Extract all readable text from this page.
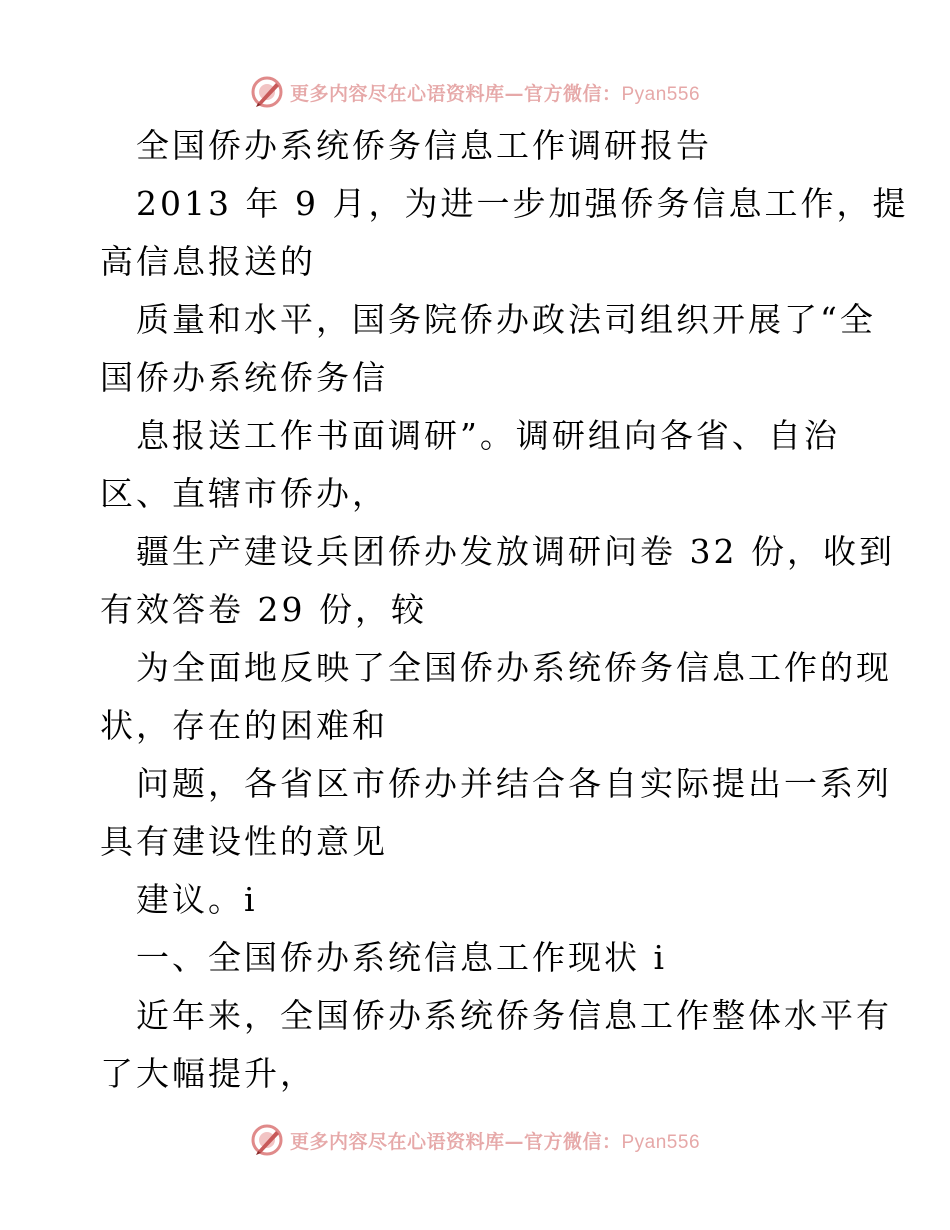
更多内容尽在心语资料库—官方微信：Pyan556
全国侨办系统侨务信息工作调研报告
2013 年 9 月，为进一步加强侨务信息工作，提
高信息报送的
质量和水平，国务院侨办政法司组织开展了“全
国侨办系统侨务信
息报送工作书面调研”。调研组向各省、自治
区、直辖市侨办，
疆生产建设兵团侨办发放调研问卷 32 份，收到
有效答卷 29 份，较
为全面地反映了全国侨办系统侨务信息工作的现
状，存在的困难和
问题，各省区市侨办并结合各自实际提出一系列
具有建设性的意见
建议。i
一、全国侨办系统信息工作现状 i
近年来，全国侨办系统侨务信息工作整体水平有
了大幅提升，
更多内容尽在心语资料库—官方微信：Pyan556
